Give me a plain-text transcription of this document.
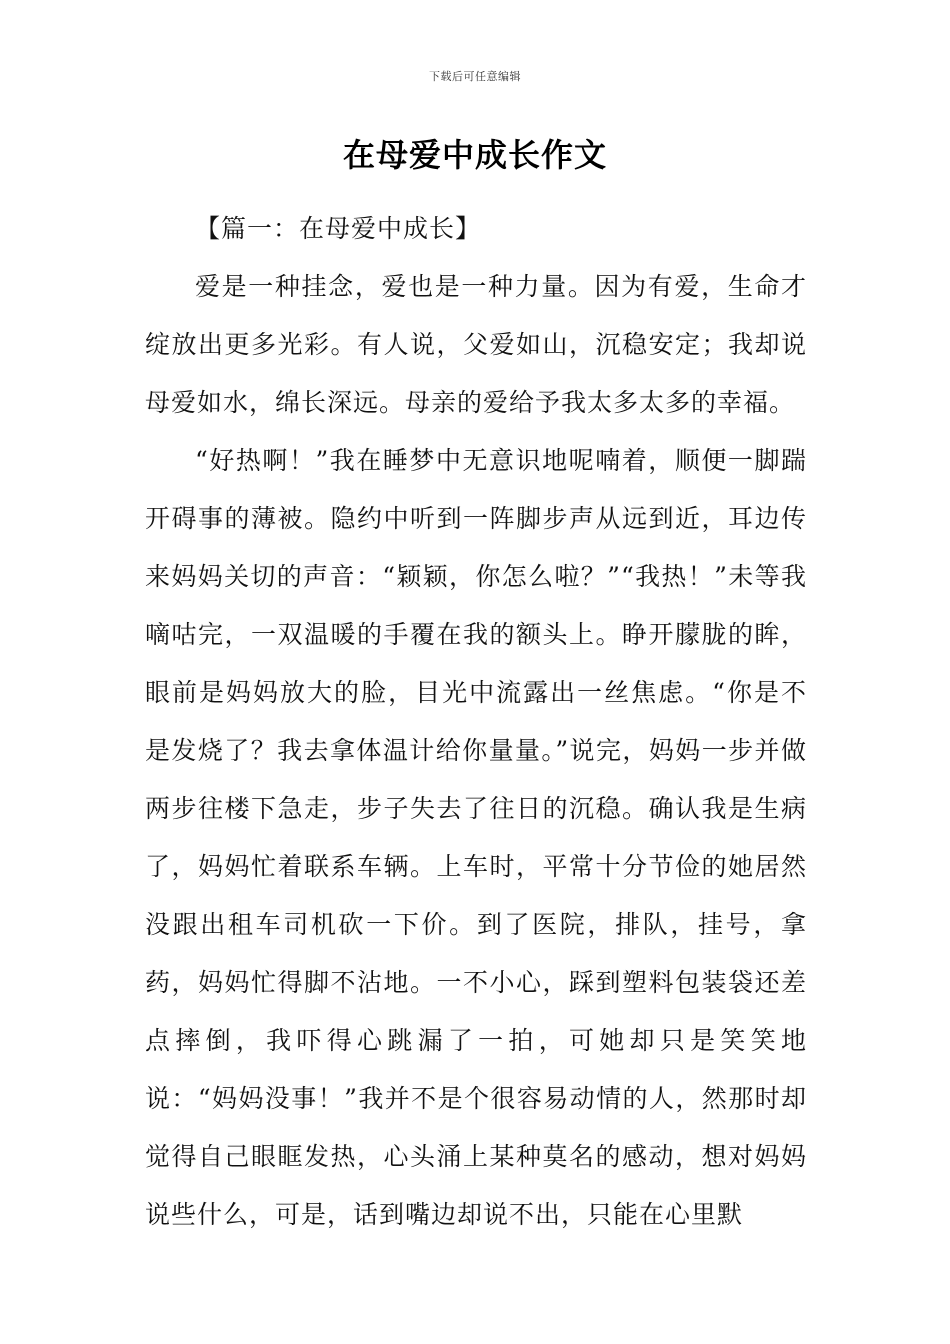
下载后可任意编辑
在母爱中成长作文

【篇一：在母爱中成长】

爱是一种挂念，爱也是一种力量。因为有爱，生命才绽放出更多光彩。有人说，父爱如山，沉稳安定；我却说母爱如水，绵长深远。母亲的爱给予我太多太多的幸福。

“好热啊！”我在睡梦中无意识地呢喃着，顺便一脚踹开碍事的薄被。隐约中听到一阵脚步声从远到近，耳边传来妈妈关切的声音：“颖颖，你怎么啦？”“我热！”未等我嘀咕完，一双温暖的手覆在我的额头上。睁开朦胧的眸，眼前是妈妈放大的脸，目光中流露出一丝焦虑。“你是不是发烧了？我去拿体温计给你量量。”说完，妈妈一步并做两步往楼下急走，步子失去了往日的沉稳。确认我是生病了，妈妈忙着联系车辆。上车时，平常十分节俭的她居然没跟出租车司机砍一下价。到了医院，排队，挂号，拿药，妈妈忙得脚不沾地。一不小心，踩到塑料包装袋还差点摔倒，我吓得心跳漏了一拍，可她却只是笑笑地说：“妈妈没事！”我并不是个很容易动情的人，然那时却觉得自己眼眶发热，心头涌上某种莫名的感动，想对妈妈说些什么，可是，话到嘴边却说不出，只能在心里默
